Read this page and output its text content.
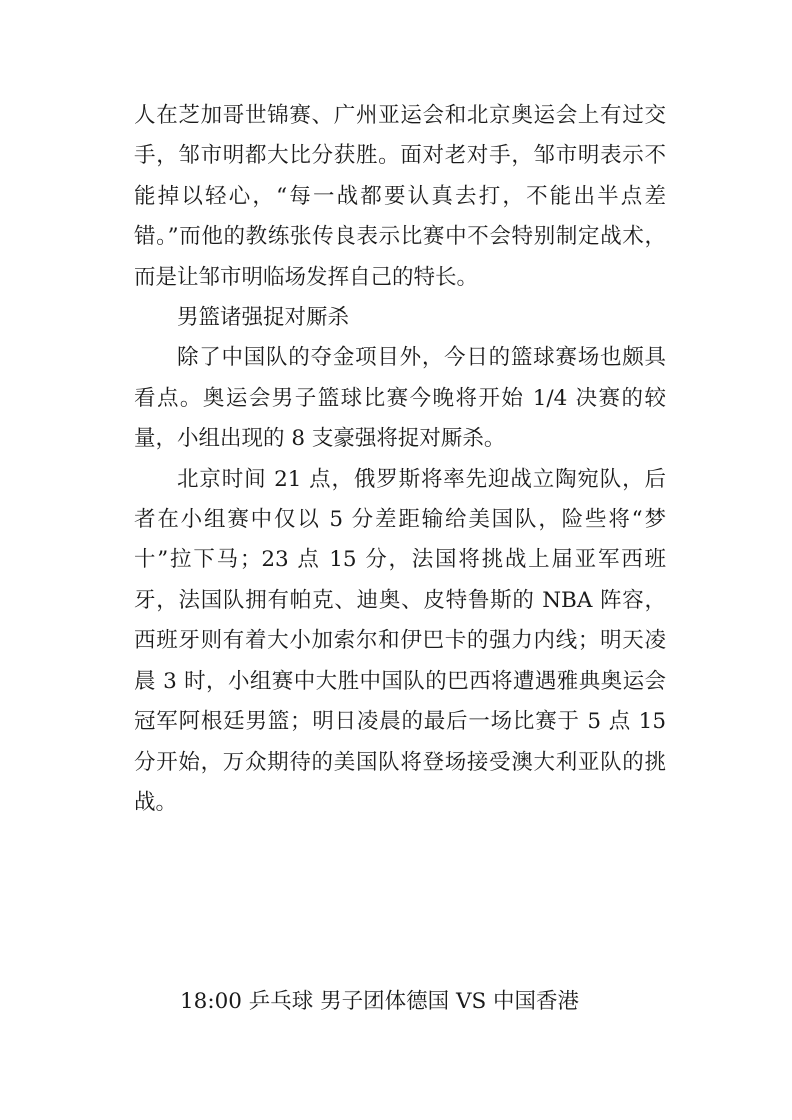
人在芝加哥世锦赛、广州亚运会和北京奥运会上有过交手，邹市明都大比分获胜。面对老对手，邹市明表示不能掉以轻心，“每一战都要认真去打，不能出半点差错。”而他的教练张传良表示比赛中不会特别制定战术，而是让邹市明临场发挥自己的特长。

男篮诸强捉对厮杀

除了中国队的夺金项目外，今日的篮球赛场也颇具看点。奥运会男子篮球比赛今晚将开始 1/4 决赛的较量，小组出现的 8 支豪强将捉对厮杀。

北京时间 21 点，俄罗斯将率先迎战立陶宛队，后者在小组赛中仅以 5 分差距输给美国队，险些将“梦十”拉下马；23 点 15 分，法国将挑战上届亚军西班牙，法国队拥有帕克、迪奥、皮特鲁斯的 NBA 阵容，西班牙则有着大小加索尔和伊巴卡的强力内线；明天凌晨 3 时，小组赛中大胜中国队的巴西将遭遇雅典奥运会冠军阿根廷男篮；明日凌晨的最后一场比赛于 5 点 15 分开始，万众期待的美国队将登场接受澳大利亚队的挑战。

18:00 乒乓球 男子团体德国 VS 中国香港
